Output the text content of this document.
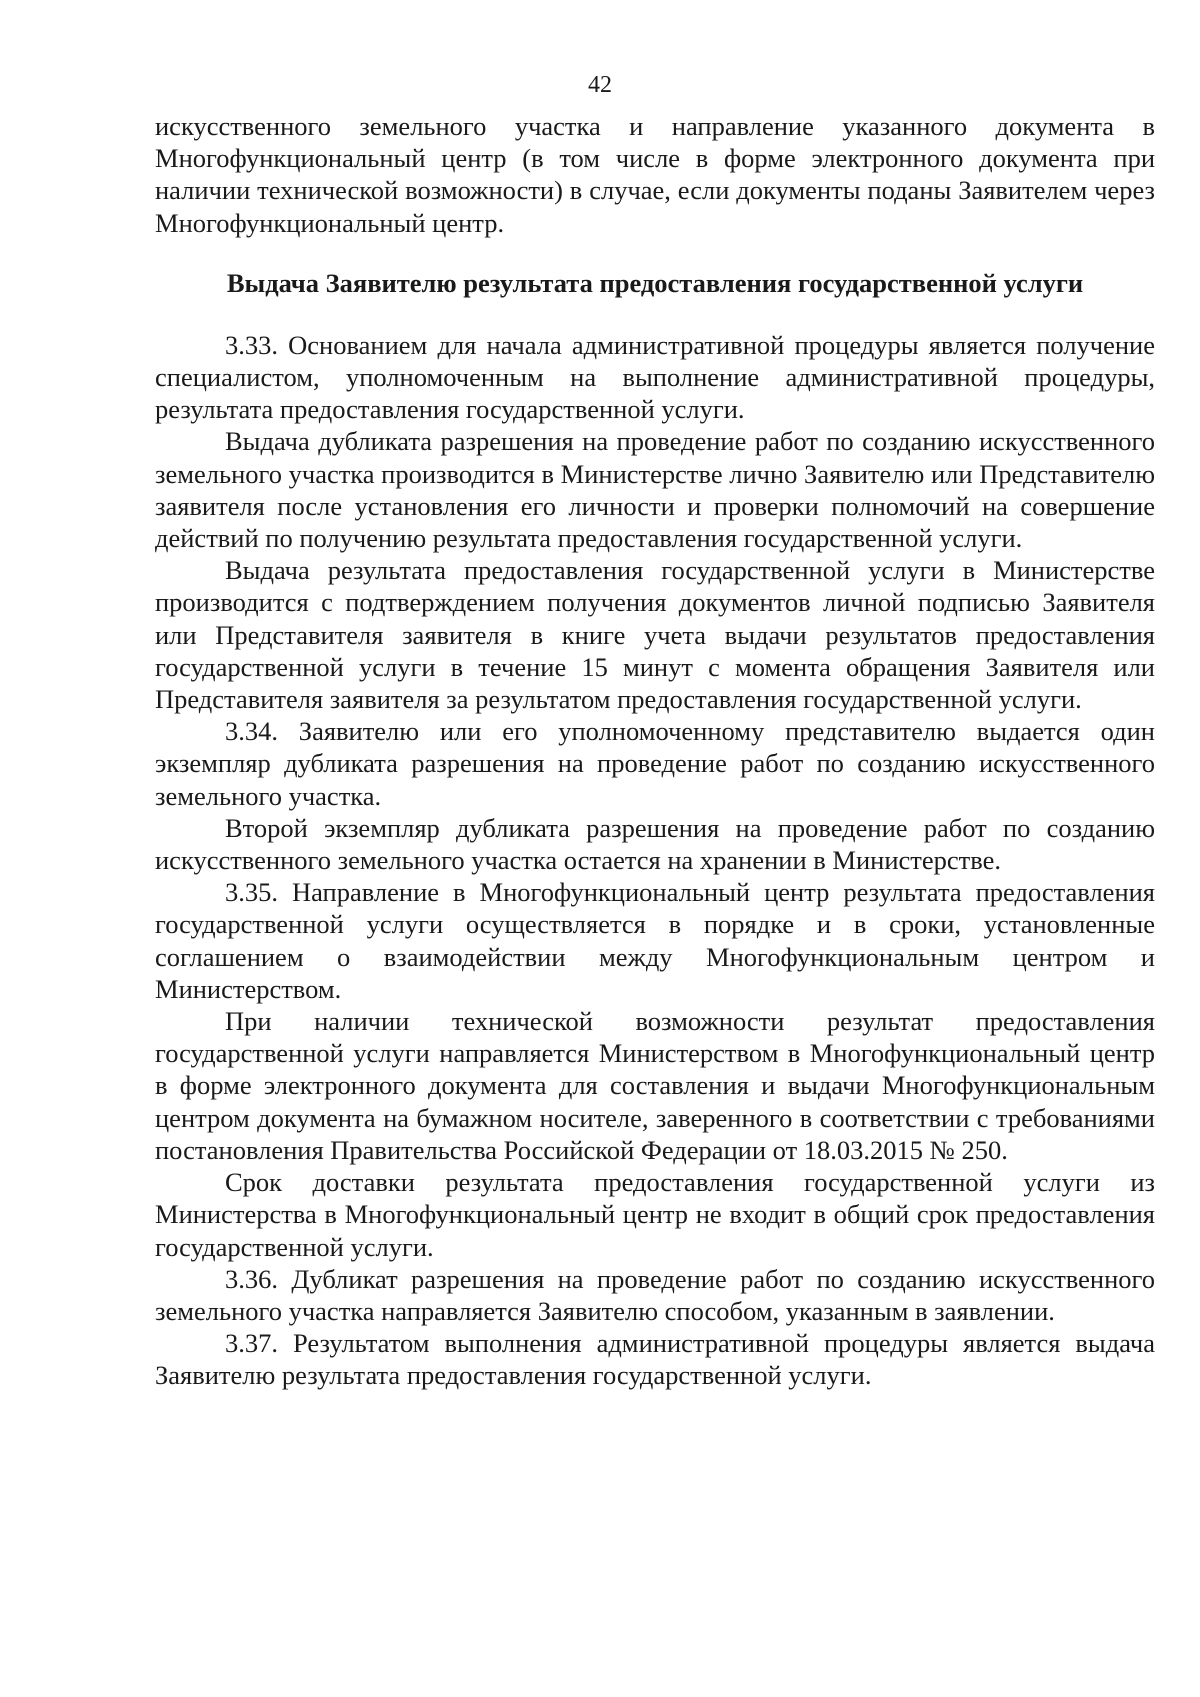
42

искусственного земельного участка и направление указанного документа в Многофункциональный центр (в том числе в форме электронного документа при наличии технической возможности) в случае, если документы поданы Заявителем через Многофункциональный центр.

Выдача Заявителю результата предоставления государственной услуги

3.33. Основанием для начала административной процедуры является получение специалистом, уполномоченным на выполнение административной процедуры, результата предоставления государственной услуги.

Выдача дубликата разрешения на проведение работ по созданию искусственного земельного участка производится в Министерстве лично Заявителю или Представителю заявителя после установления его личности и проверки полномочий на совершение действий по получению результата предоставления государственной услуги.

Выдача результата предоставления государственной услуги в Министерстве производится с подтверждением получения документов личной подписью Заявителя или Представителя заявителя в книге учета выдачи результатов предоставления государственной услуги в течение 15 минут с момента обращения Заявителя или Представителя заявителя за результатом предоставления государственной услуги.

3.34. Заявителю или его уполномоченному представителю выдается один экземпляр дубликата разрешения на проведение работ по созданию искусственного земельного участка.

Второй экземпляр дубликата разрешения на проведение работ по созданию искусственного земельного участка остается на хранении в Министерстве.

3.35. Направление в Многофункциональный центр результата предоставления государственной услуги осуществляется в порядке и в сроки, установленные соглашением о взаимодействии между Многофункциональным центром и Министерством.

При наличии технической возможности результат предоставления государственной услуги направляется Министерством в Многофункциональный центр в форме электронного документа для составления и выдачи Многофункциональным центром документа на бумажном носителе, заверенного в соответствии с требованиями постановления Правительства Российской Федерации от 18.03.2015 № 250.

Срок доставки результата предоставления государственной услуги из Министерства в Многофункциональный центр не входит в общий срок предоставления государственной услуги.

3.36. Дубликат разрешения на проведение работ по созданию искусственного земельного участка направляется Заявителю способом, указанным в заявлении.

3.37. Результатом выполнения административной процедуры является выдача Заявителю результата предоставления государственной услуги.
